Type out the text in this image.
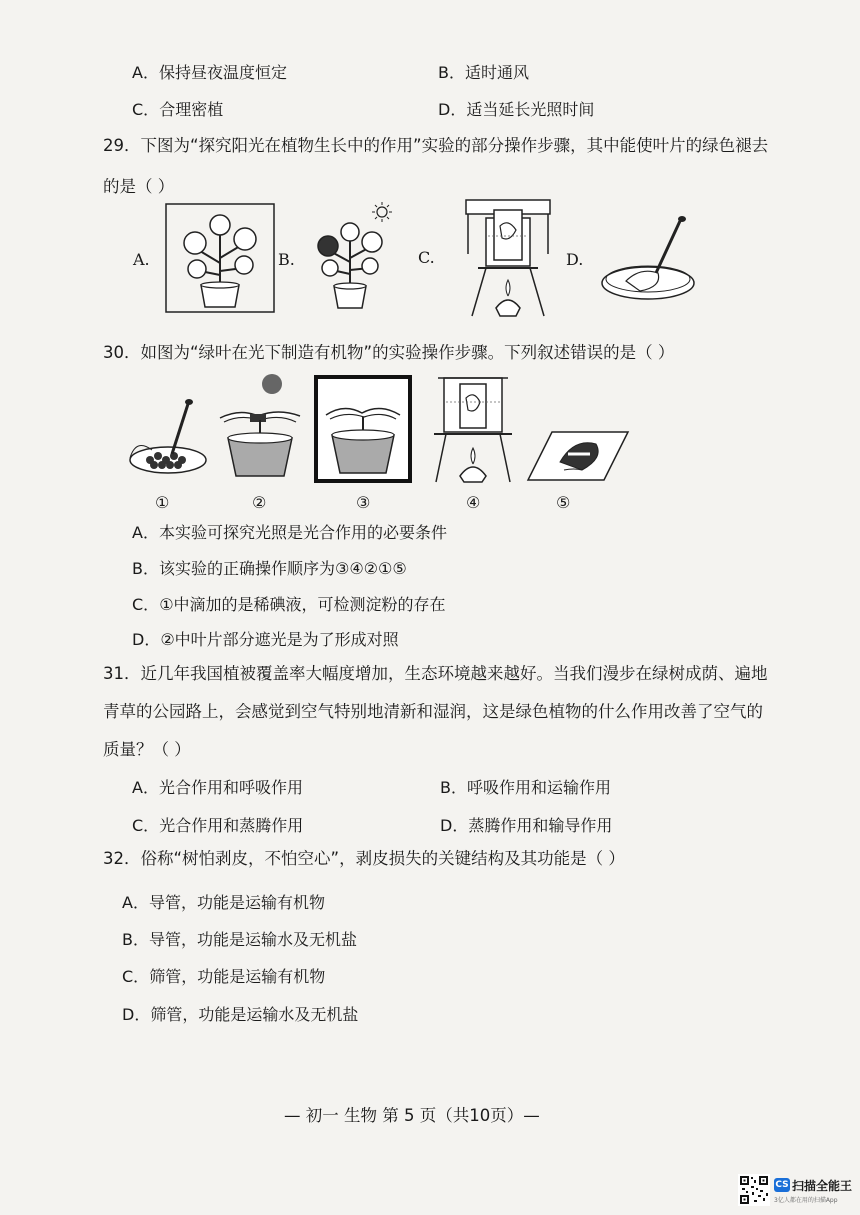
A．保持昼夜温度恒定	B．适时通风
C．合理密植	D．适当延长光照时间
29．下图为“探究阳光在植物生长中的作用”实验的部分操作步骤，其中能使叶片的绿色褪去
的是（ ）
A.	B.	C.	D.
30．如图为“绿叶在光下制造有机物”的实验操作步骤。下列叙述错误的是（ ）
①	②	③	④	⑤
A．本实验可探究光照是光合作用的必要条件
B．该实验的正确操作顺序为③④②①⑤
C．①中滴加的是稀碘液，可检测淀粉的存在
D．②中叶片部分遮光是为了形成对照
31．近几年我国植被覆盖率大幅度增加，生态环境越来越好。当我们漫步在绿树成荫、遍地
青草的公园路上，会感觉到空气特别地清新和湿润，这是绿色植物的什么作用改善了空气的
质量？（ ）
A．光合作用和呼吸作用	B．呼吸作用和运输作用
C．光合作用和蒸腾作用	D．蒸腾作用和输导作用
32．俗称“树怕剥皮，不怕空心”，剥皮损失的关键结构及其功能是（ ）
A．导管，功能是运输有机物
B．导管，功能是运输水及无机盐
C．筛管，功能是运输有机物
D．筛管，功能是运输水及无机盐
— 初一 生物 第 5 页（共10页）—
CS 扫描全能王
3亿人都在用的扫描App
